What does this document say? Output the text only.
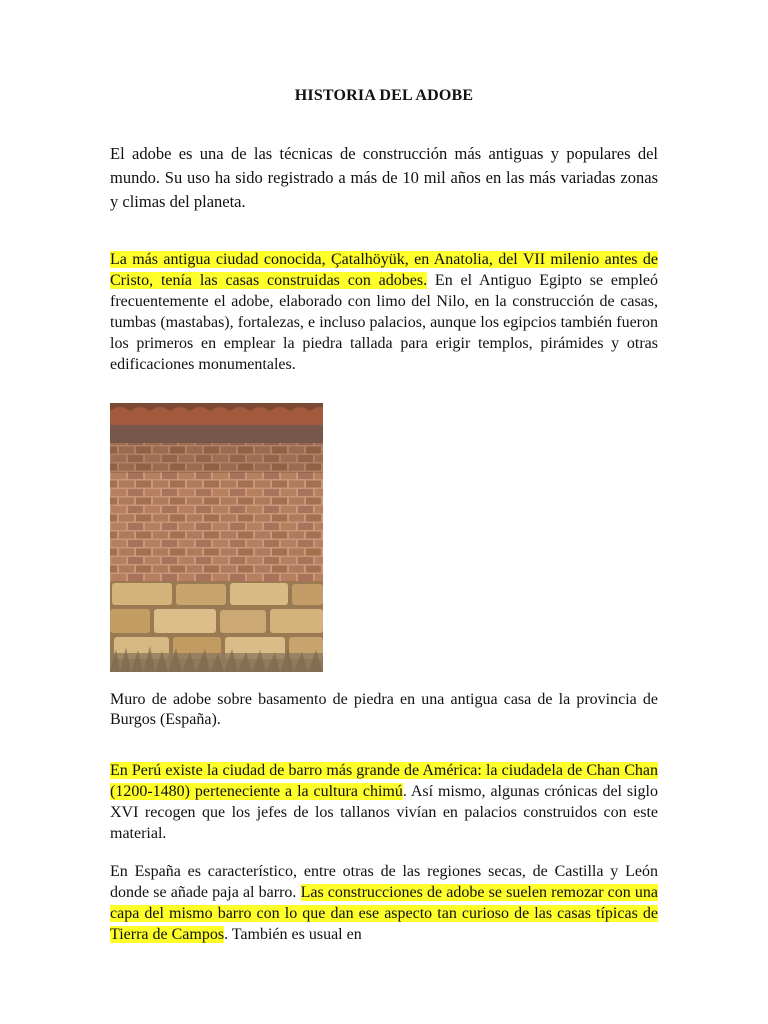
HISTORIA DEL ADOBE

El adobe es una de las técnicas de construcción más antiguas y populares del mundo. Su uso ha sido registrado a más de 10 mil años en las más variadas zonas y climas del planeta.

La más antigua ciudad conocida, Çatalhöyük, en Anatolia, del VII milenio antes de Cristo, tenía las casas construidas con adobes. En el Antiguo Egipto se empleó frecuentemente el adobe, elaborado con limo del Nilo, en la construcción de casas, tumbas (mastabas), fortalezas, e incluso palacios, aunque los egipcios también fueron los primeros en emplear la piedra tallada para erigir templos, pirámides y otras edificaciones monumentales.

Muro de adobe sobre basamento de piedra en una antigua casa de la provincia de Burgos (España).

En Perú existe la ciudad de barro más grande de América: la ciudadela de Chan Chan (1200-1480) perteneciente a la cultura chimú. Así mismo, algunas crónicas del siglo XVI recogen que los jefes de los tallanos vivían en palacios construidos con este material.

En España es característico, entre otras de las regiones secas, de Castilla y León donde se añade paja al barro. Las construcciones de adobe se suelen remozar con una capa del mismo barro con lo que dan ese aspecto tan curioso de las casas típicas de Tierra de Campos. También es usual en
